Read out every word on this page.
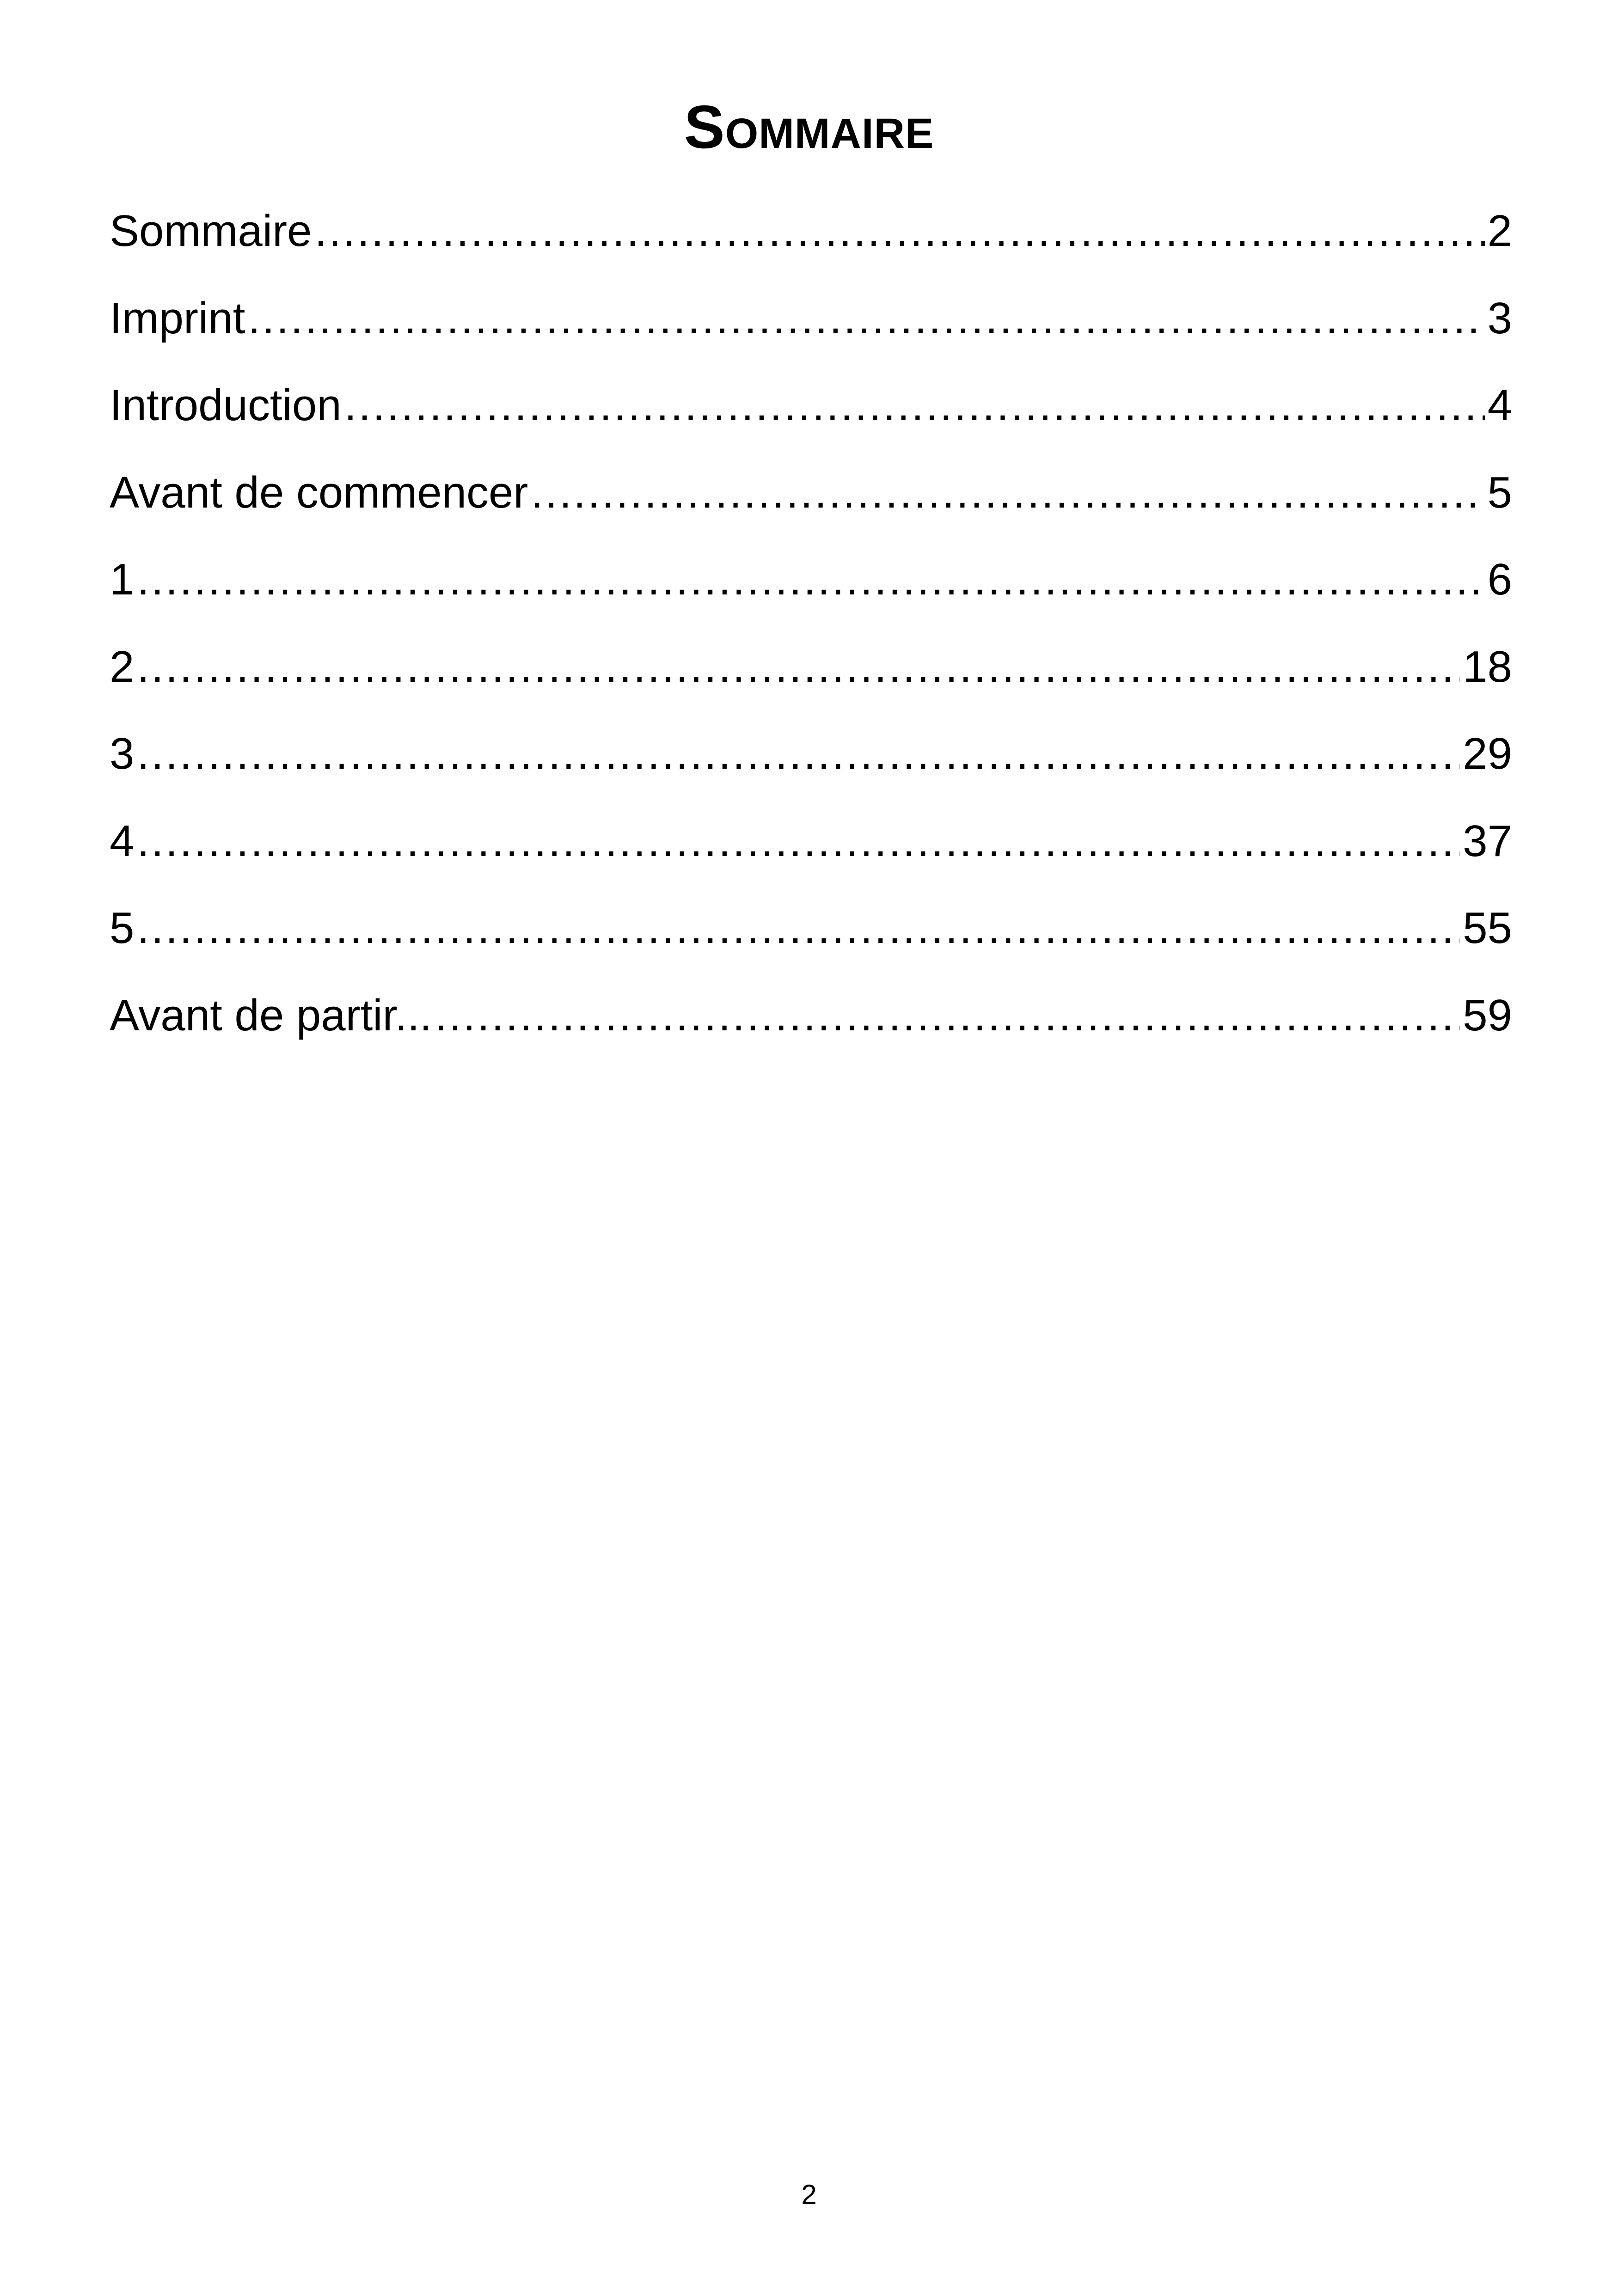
Sommaire
Sommaire .....	2
Imprint .....	3
Introduction .....	4
Avant de commencer .....	5
1 .....	6
2 .....	18
3 .....	29
4 .....	37
5 .....	55
Avant de partir... .....	59
2
